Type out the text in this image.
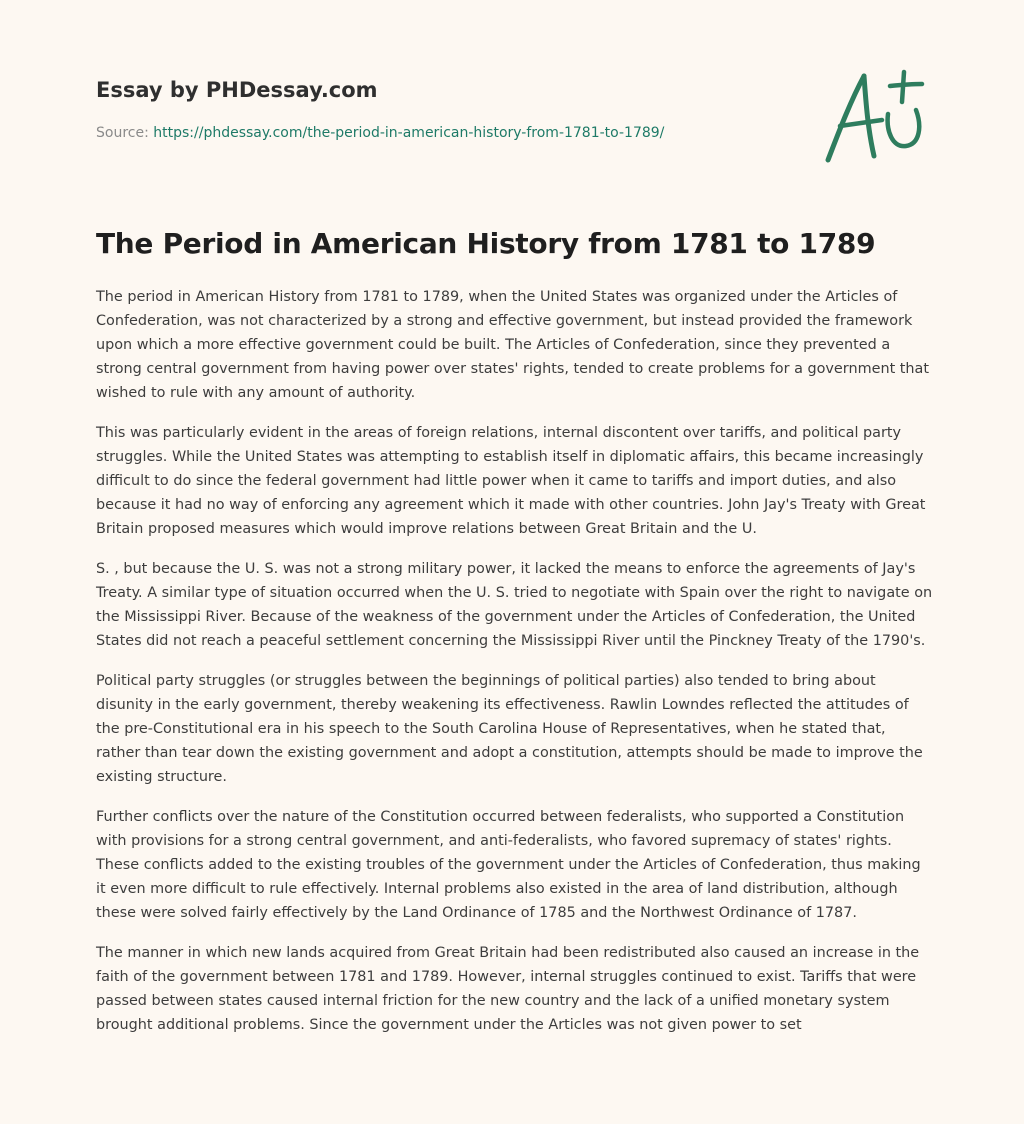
Essay by PHDessay.com
Source: https://phdessay.com/the-period-in-american-history-from-1781-to-1789/
The Period in American History from 1781 to 1789

The period in American History from 1781 to 1789, when the United States was organized under the Articles of Confederation, was not characterized by a strong and effective government, but instead provided the framework upon which a more effective government could be built. The Articles of Confederation, since they prevented a strong central government from having power over states' rights, tended to create problems for a government that wished to rule with any amount of authority.

This was particularly evident in the areas of foreign relations, internal discontent over tariffs, and political party struggles. While the United States was attempting to establish itself in diplomatic affairs, this became increasingly difficult to do since the federal government had little power when it came to tariffs and import duties, and also because it had no way of enforcing any agreement which it made with other countries. John Jay's Treaty with Great Britain proposed measures which would improve relations between Great Britain and the U.

S. , but because the U. S. was not a strong military power, it lacked the means to enforce the agreements of Jay's Treaty. A similar type of situation occurred when the U. S. tried to negotiate with Spain over the right to navigate on the Mississippi River. Because of the weakness of the government under the Articles of Confederation, the United States did not reach a peaceful settlement concerning the Mississippi River until the Pinckney Treaty of the 1790's.

Political party struggles (or struggles between the beginnings of political parties) also tended to bring about disunity in the early government, thereby weakening its effectiveness. Rawlin Lowndes reflected the attitudes of the pre-Constitutional era in his speech to the South Carolina House of Representatives, when he stated that, rather than tear down the existing government and adopt a constitution, attempts should be made to improve the existing structure.

Further conflicts over the nature of the Constitution occurred between federalists, who supported a Constitution with provisions for a strong central government, and anti-federalists, who favored supremacy of states' rights. These conflicts added to the existing troubles of the government under the Articles of Confederation, thus making it even more difficult to rule effectively. Internal problems also existed in the area of land distribution, although these were solved fairly effectively by the Land Ordinance of 1785 and the Northwest Ordinance of 1787.

The manner in which new lands acquired from Great Britain had been redistributed also caused an increase in the faith of the government between 1781 and 1789. However, internal struggles continued to exist. Tariffs that were passed between states caused internal friction for the new country and the lack of a unified monetary system brought additional problems. Since the government under the Articles was not given power to set
